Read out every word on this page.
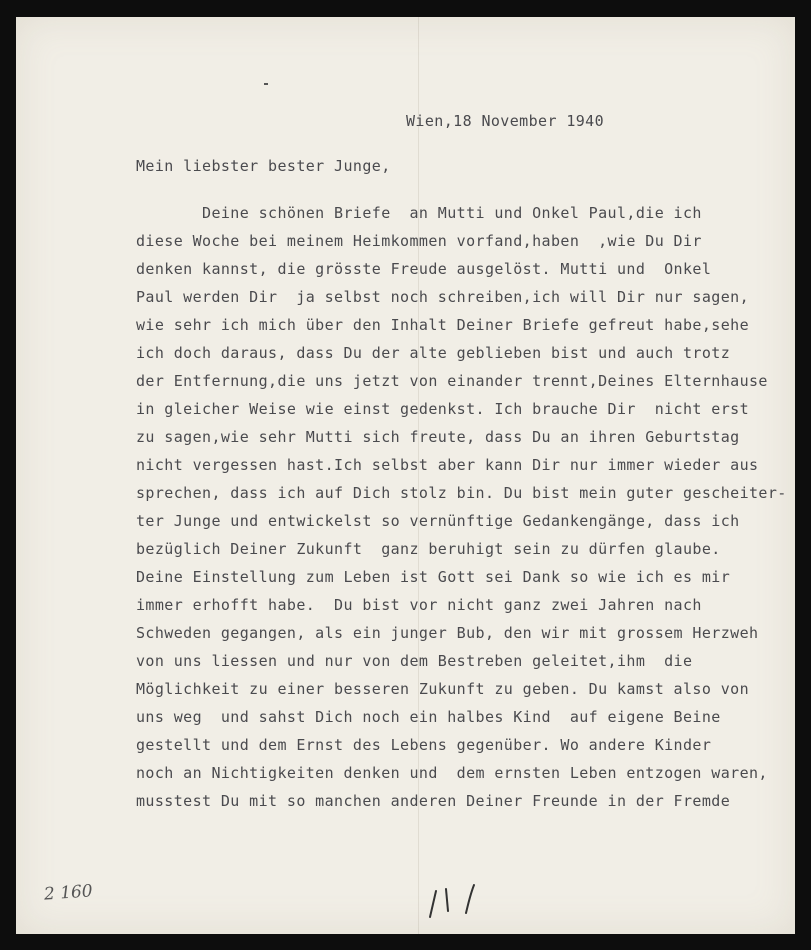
Wien,18 November 1940

Mein liebster bester Junge,

Deine schönen Briefe  an Mutti und Onkel Paul,die ich

diese Woche bei meinem Heimkommen vorfand,haben  ,wie Du Dir

denken kannst, die grösste Freude ausgelöst. Mutti und  Onkel

Paul werden Dir  ja selbst noch schreiben,ich will Dir nur sagen,

wie sehr ich mich über den Inhalt Deiner Briefe gefreut habe,sehe

ich doch daraus, dass Du der alte geblieben bist und auch trotz

der Entfernung,die uns jetzt von einander trennt,Deines Elternhause

in gleicher Weise wie einst gedenkst. Ich brauche Dir  nicht erst

zu sagen,wie sehr Mutti sich freute, dass Du an ihren Geburtstag

nicht vergessen hast.Ich selbst aber kann Dir nur immer wieder aus

sprechen, dass ich auf Dich stolz bin. Du bist mein guter gescheiter-

ter Junge und entwickelst so vernünftige Gedankengänge, dass ich

bezüglich Deiner Zukunft  ganz beruhigt sein zu dürfen glaube.

Deine Einstellung zum Leben ist Gott sei Dank so wie ich es mir

immer erhofft habe.  Du bist vor nicht ganz zwei Jahren nach

Schweden gegangen, als ein junger Bub, den wir mit grossem Herzweh

von uns liessen und nur von dem Bestreben geleitet,ihm  die

Möglichkeit zu einer besseren Zukunft zu geben. Du kamst also von

uns weg  und sahst Dich noch ein halbes Kind  auf eigene Beine

gestellt und dem Ernst des Lebens gegenüber. Wo andere Kinder

noch an Nichtigkeiten denken und  dem ernsten Leben entzogen waren,

musstest Du mit so manchen anderen Deiner Freunde in der Fremde

2 160
